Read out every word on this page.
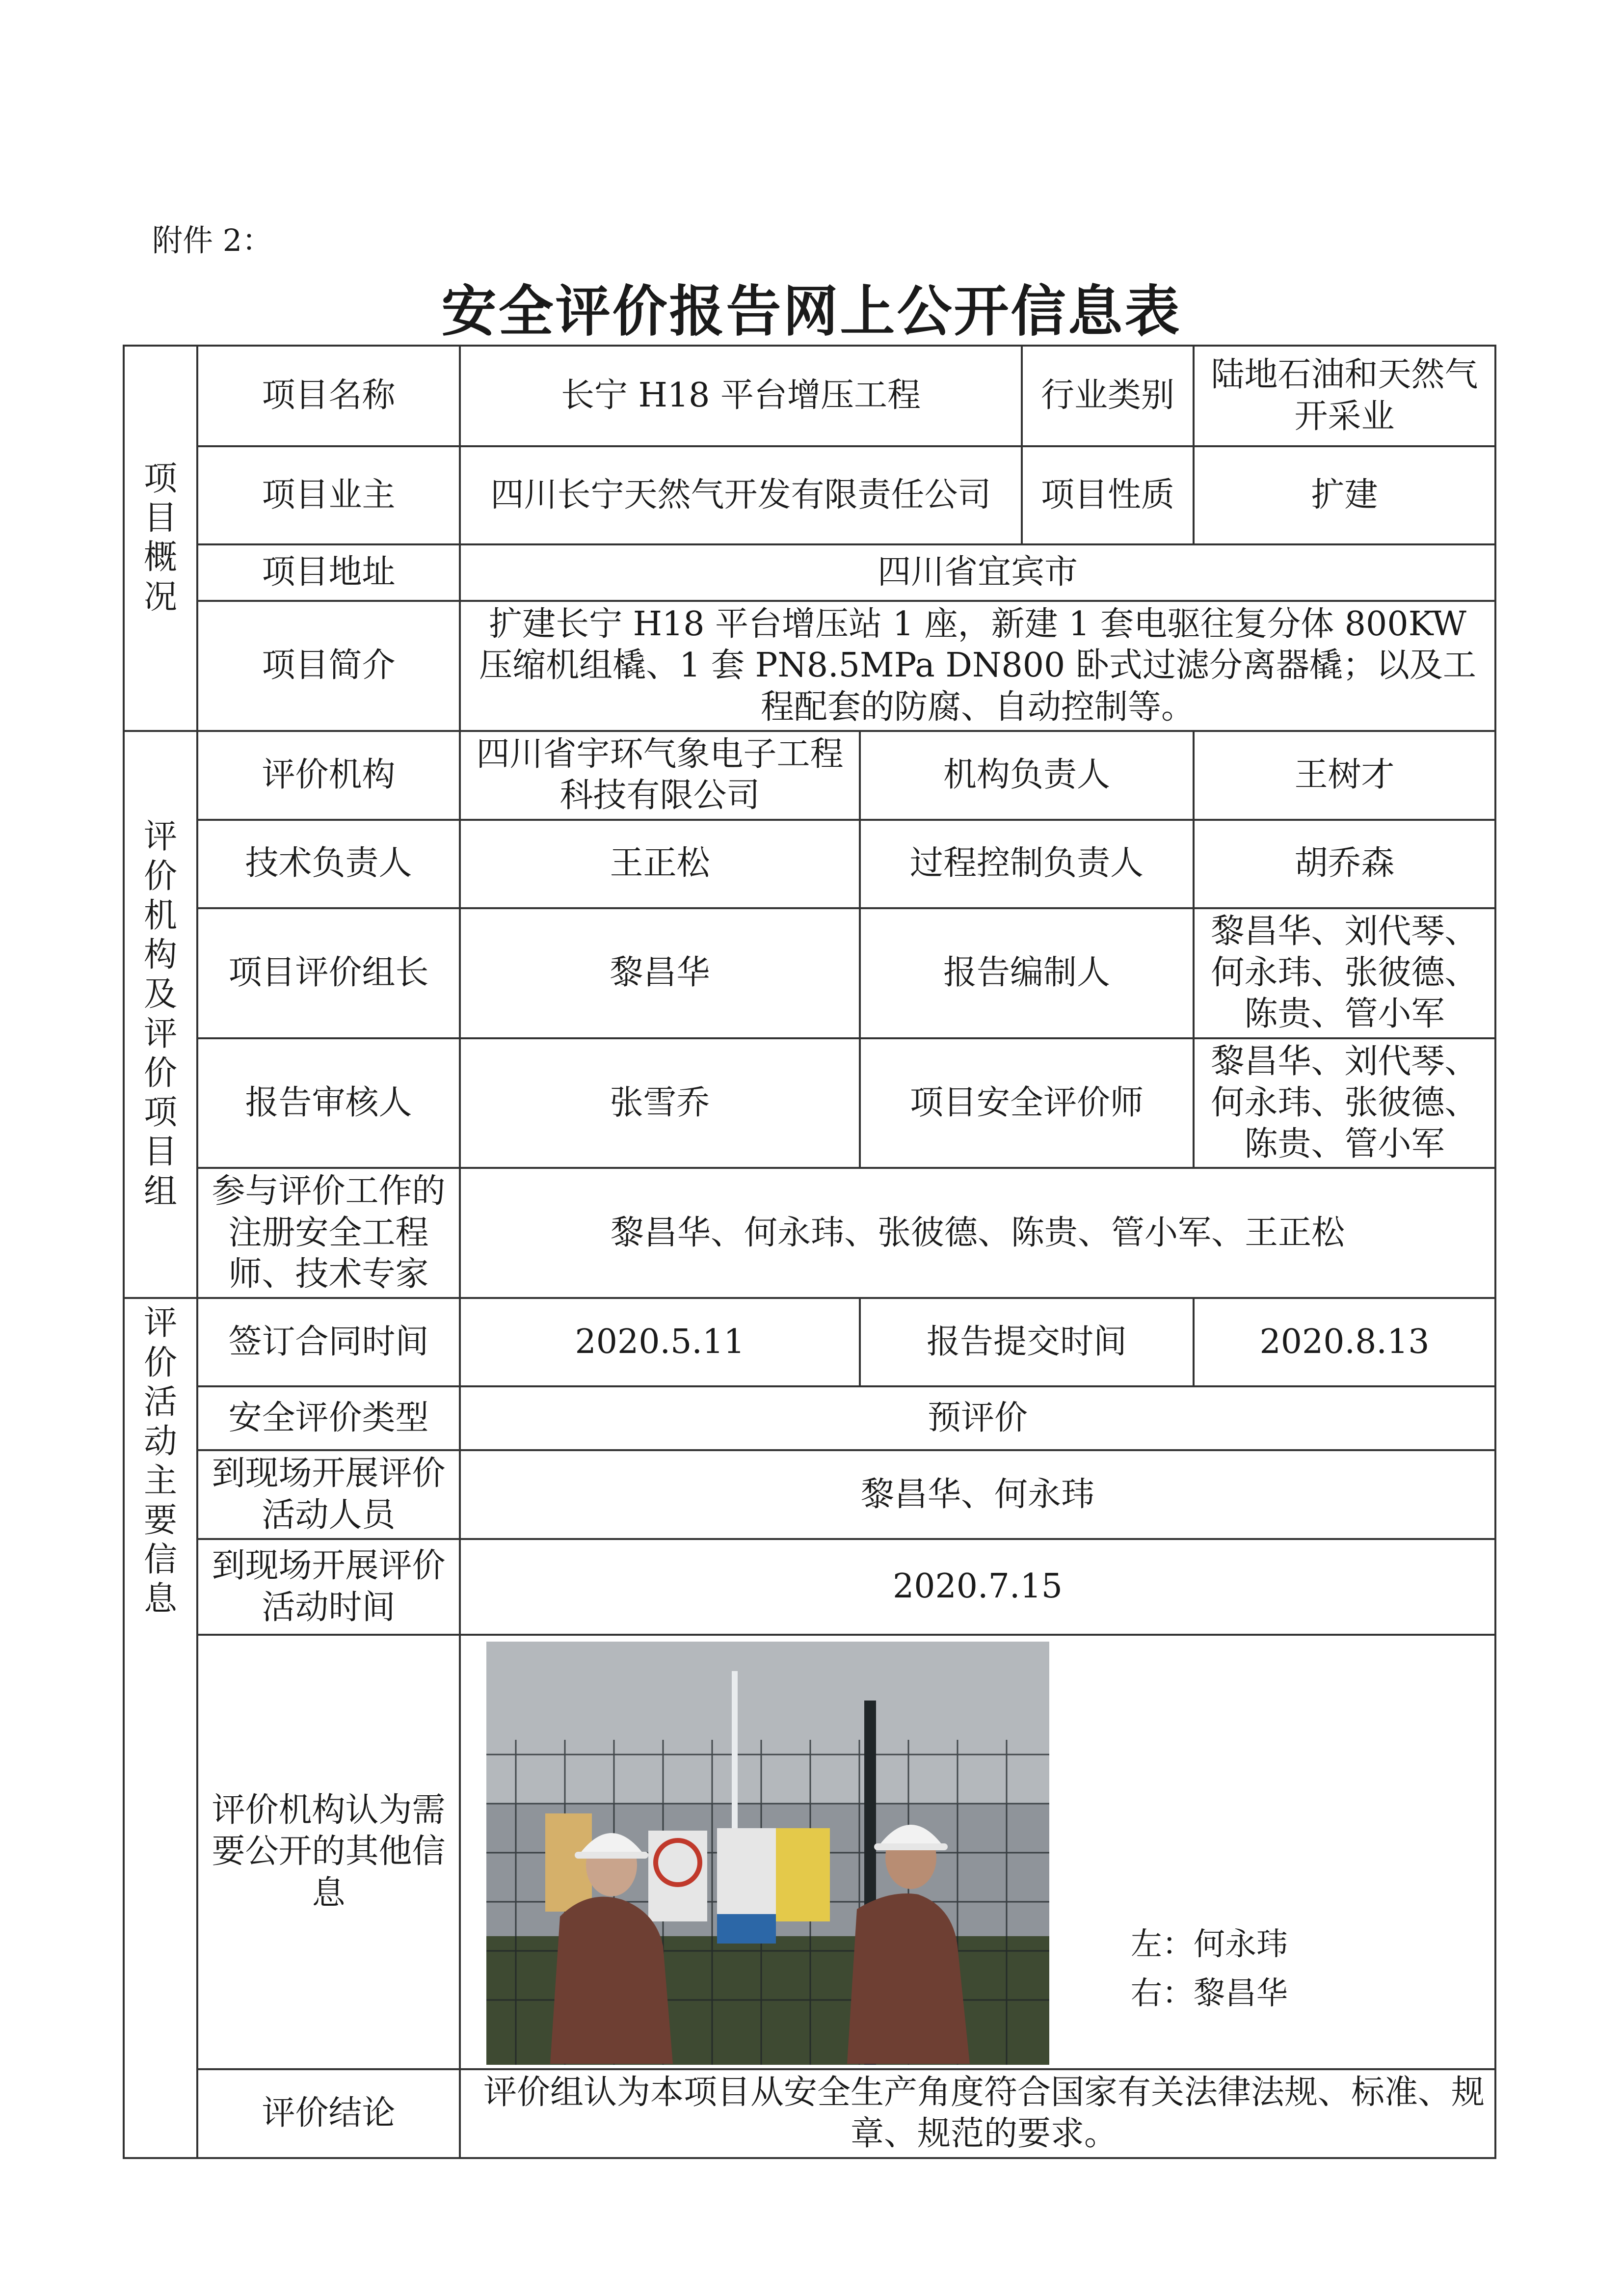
附件 2：
安全评价报告网上公开信息表
项目概况	项目名称	长宁 H18 平台增压工程		行业类别	陆地石油和天然气开采业
	项目业主	四川长宁天然气开发有限责任公司		项目性质	扩建
	项目地址	四川省宜宾市			
	项目简介	扩建长宁 H18 平台增压站 1 座，新建 1 套电驱往复分体 800KW 压缩机组橇、1 套 PN8.5MPa DN800 卧式过滤分离器橇；以及工程配套的防腐、自动控制等。			

评价机构及评价项目组	评价机构	四川省宇环气象电子工程科技有限公司	机构负责人		王树才
	技术负责人	王正松	过程控制负责人		胡乔森
	项目评价组长	黎昌华	报告编制人		黎昌华、刘代琴、何永玮、张彼德、陈贵、管小军
	报告审核人	张雪乔	项目安全评价师		黎昌华、刘代琴、何永玮、张彼德、陈贵、管小军
	参与评价工作的注册安全工程师、技术专家	黎昌华、何永玮、张彼德、陈贵、管小军、王正松			

评价活动主要信息	签订合同时间	2020.5.11	报告提交时间		2020.8.13
	安全评价类型	预评价			
	到现场开展评价活动人员	黎昌华、何永玮			
	到现场开展评价活动时间	2020.7.15			
	评价机构认为需要公开的其他信息	左：何永玮
右：黎昌华			

	评价结论	评价组认为本项目从安全生产角度符合国家有关法律法规、标准、规章、规范的要求。			
